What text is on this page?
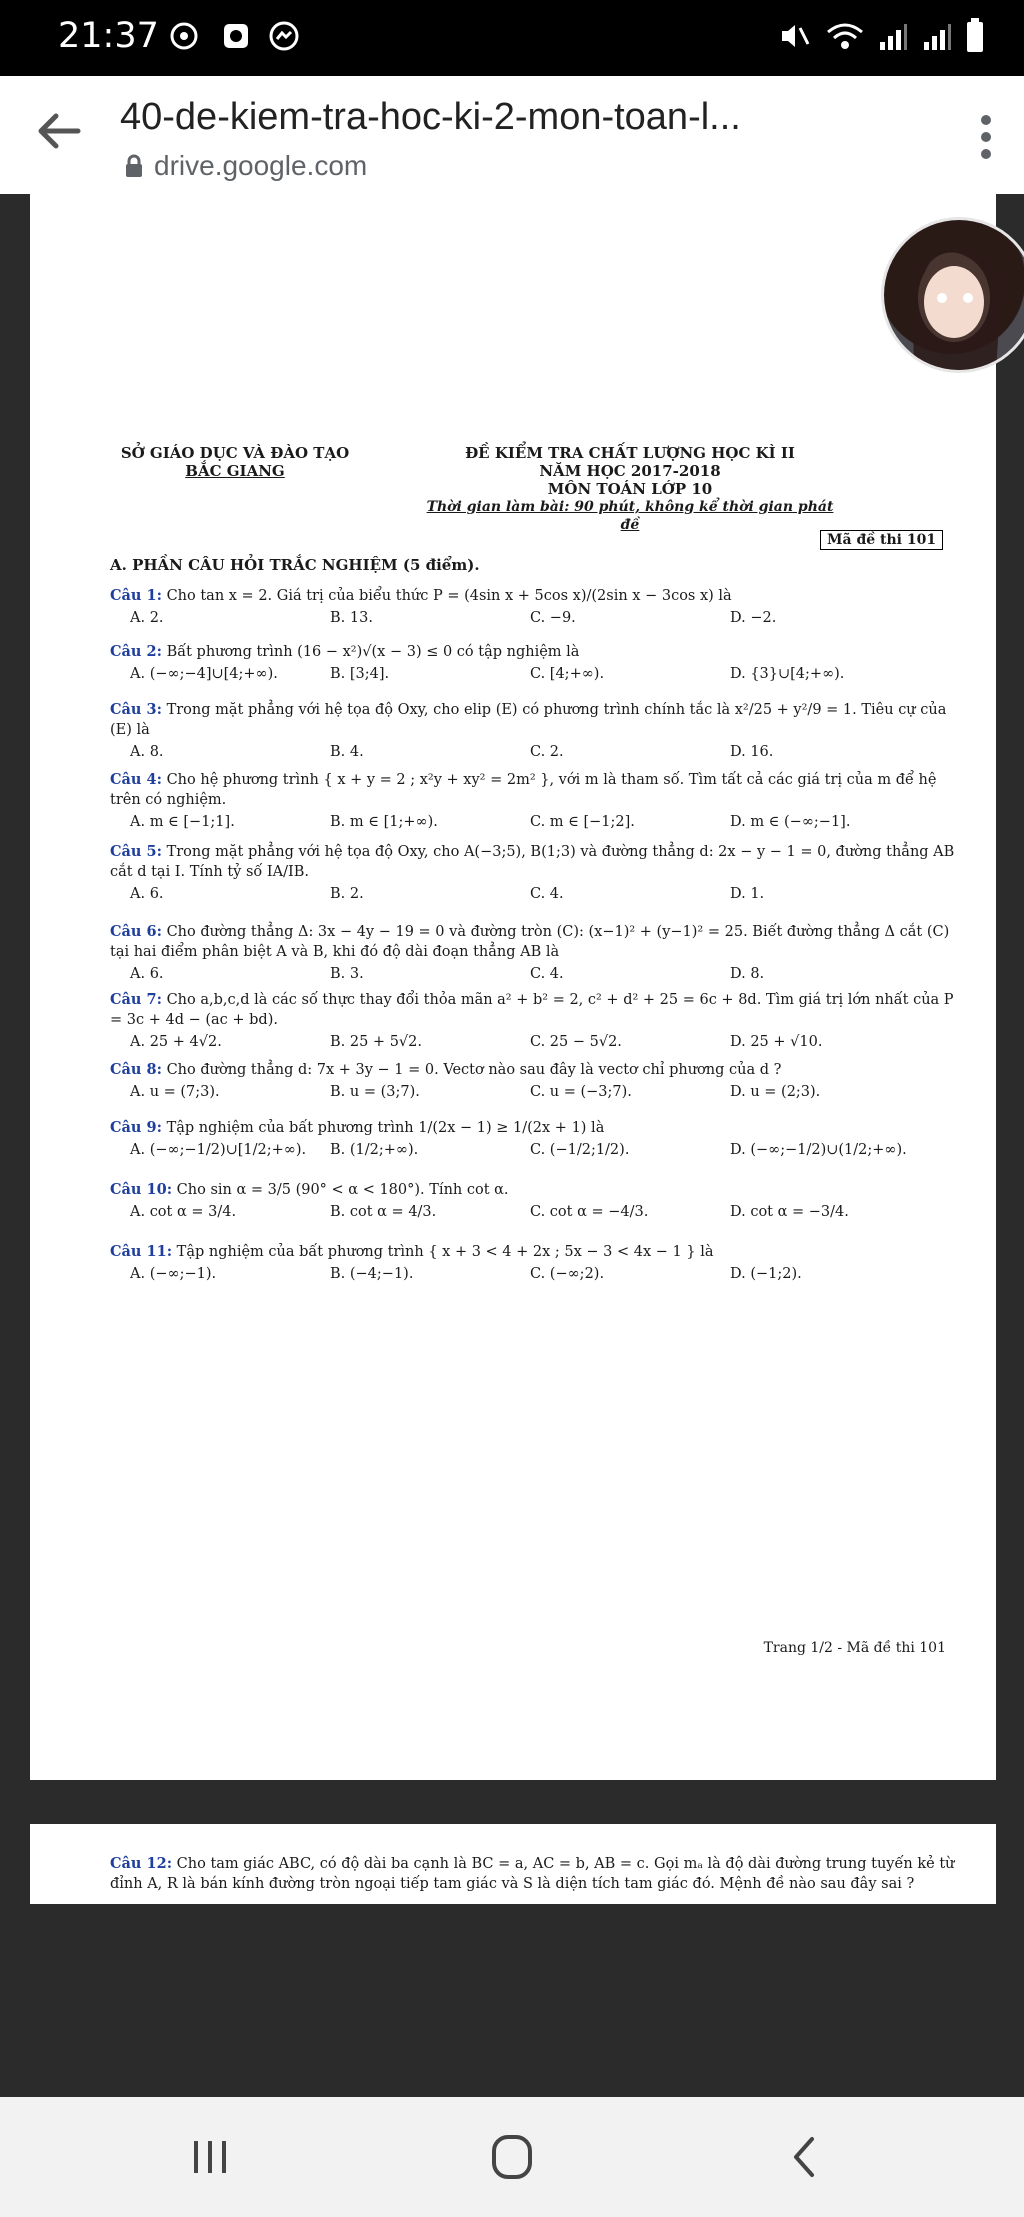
21:37
40-de-kiem-tra-hoc-ki-2-mon-toan-l...
drive.google.com
SỞ GIÁO DỤC VÀ ĐÀO TẠO
BẮC GIANG
ĐỀ KIỂM TRA CHẤT LƯỢNG HỌC KÌ II
NĂM HỌC 2017-2018
MÔN TOÁN LỚP 10
Thời gian làm bài: 90 phút, không kể thời gian phát đề
Mã đề thi 101
A. PHẦN CÂU HỎI TRẮC NGHIỆM (5 điểm).
Câu 1: Cho tan x = 2. Giá trị của biểu thức P = (4sin x + 5cos x)/(2sin x − 3cos x) là
A. 2.	B. 13.	C. −9.	D. −2.
Câu 2: Bất phương trình (16 − x²)√(x − 3) ≤ 0 có tập nghiệm là
A. (−∞;−4]∪[4;+∞).	B. [3;4].	C. [4;+∞).	D. {3}∪[4;+∞).
Câu 3: Trong mặt phẳng với hệ tọa độ Oxy, cho elip (E) có phương trình chính tắc là x²/25 + y²/9 = 1. Tiêu cự của (E) là
A. 8.	B. 4.	C. 2.	D. 16.
Câu 4: Cho hệ phương trình { x + y = 2 ; x²y + xy² = 2m² }, với m là tham số. Tìm tất cả các giá trị của m để hệ trên có nghiệm.
A. m ∈ [−1;1].	B. m ∈ [1;+∞).	C. m ∈ [−1;2].	D. m ∈ (−∞;−1].
Câu 5: Trong mặt phẳng với hệ tọa độ Oxy, cho A(−3;5), B(1;3) và đường thẳng d: 2x − y − 1 = 0, đường thẳng AB cắt d tại I. Tính tỷ số IA/IB.
A. 6.	B. 2.	C. 4.	D. 1.
Câu 6: Cho đường thẳng Δ: 3x − 4y − 19 = 0 và đường tròn (C): (x−1)² + (y−1)² = 25. Biết đường thẳng Δ cắt (C) tại hai điểm phân biệt A và B, khi đó độ dài đoạn thẳng AB là
A. 6.	B. 3.	C. 4.	D. 8.
Câu 7: Cho a,b,c,d là các số thực thay đổi thỏa mãn a² + b² = 2, c² + d² + 25 = 6c + 8d. Tìm giá trị lớn nhất của P = 3c + 4d − (ac + bd).
A. 25 + 4√2.	B. 25 + 5√2.	C. 25 − 5√2.	D. 25 + √10.
Câu 8: Cho đường thẳng d: 7x + 3y − 1 = 0. Vectơ nào sau đây là vectơ chỉ phương của d ?
A. u = (7;3).	B. u = (3;7).	C. u = (−3;7).	D. u = (2;3).
Câu 9: Tập nghiệm của bất phương trình 1/(2x − 1) ≥ 1/(2x + 1) là
A. (−∞;−1/2)∪[1/2;+∞). B. (1/2;+∞).	C. (−1/2;1/2).	D. (−∞;−1/2)∪(1/2;+∞).
Câu 10: Cho sin α = 3/5 (90° < α < 180°). Tính cot α.
A. cot α = 3/4.	B. cot α = 4/3.	C. cot α = −4/3.	D. cot α = −3/4.
Câu 11: Tập nghiệm của bất phương trình { x + 3 < 4 + 2x ; 5x − 3 < 4x − 1 } là
A. (−∞;−1).	B. (−4;−1).	C. (−∞;2).	D. (−1;2).
Trang 1/2 - Mã đề thi 101
Câu 12: Cho tam giác ABC, có độ dài ba cạnh là BC = a, AC = b, AB = c. Gọi mₐ là độ dài đường trung tuyến kẻ từ đỉnh A, R là bán kính đường tròn ngoại tiếp tam giác và S là diện tích tam giác đó. Mệnh đề nào sau đây sai ?
